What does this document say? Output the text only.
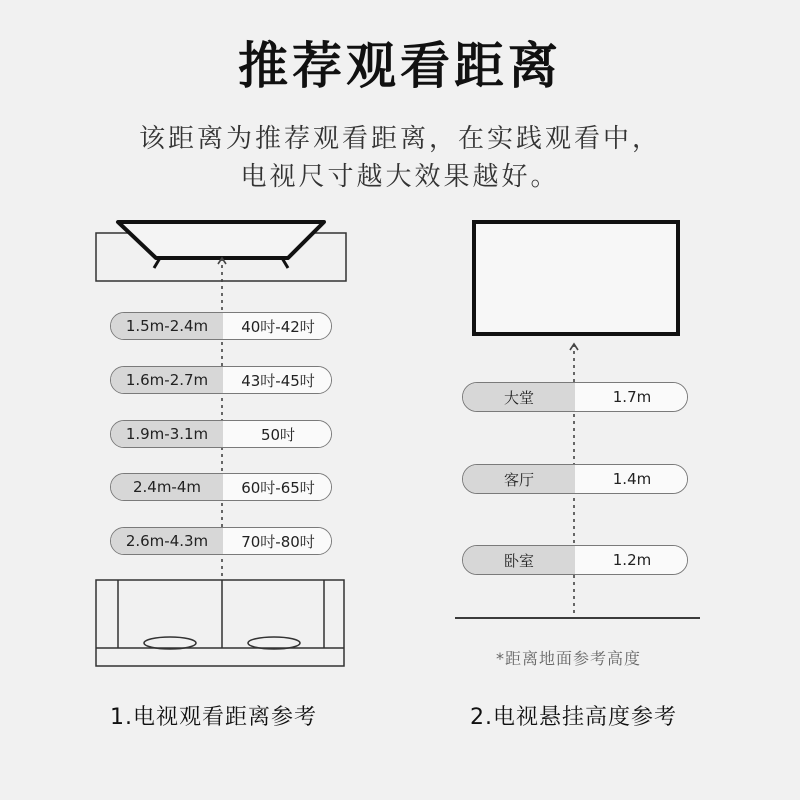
推荐观看距离
该距离为推荐观看距离，在实践观看中，
电视尺寸越大效果越好。
1.5m-2.4m	40吋-42吋
1.6m-2.7m	43吋-45吋
1.9m-3.1m	50吋
2.4m-4m	60吋-65吋
2.6m-4.3m	70吋-80吋
大堂	1.7m
客厅	1.4m
卧室	1.2m
*距离地面参考高度
1.电视观看距离参考	2.电视悬挂高度参考
